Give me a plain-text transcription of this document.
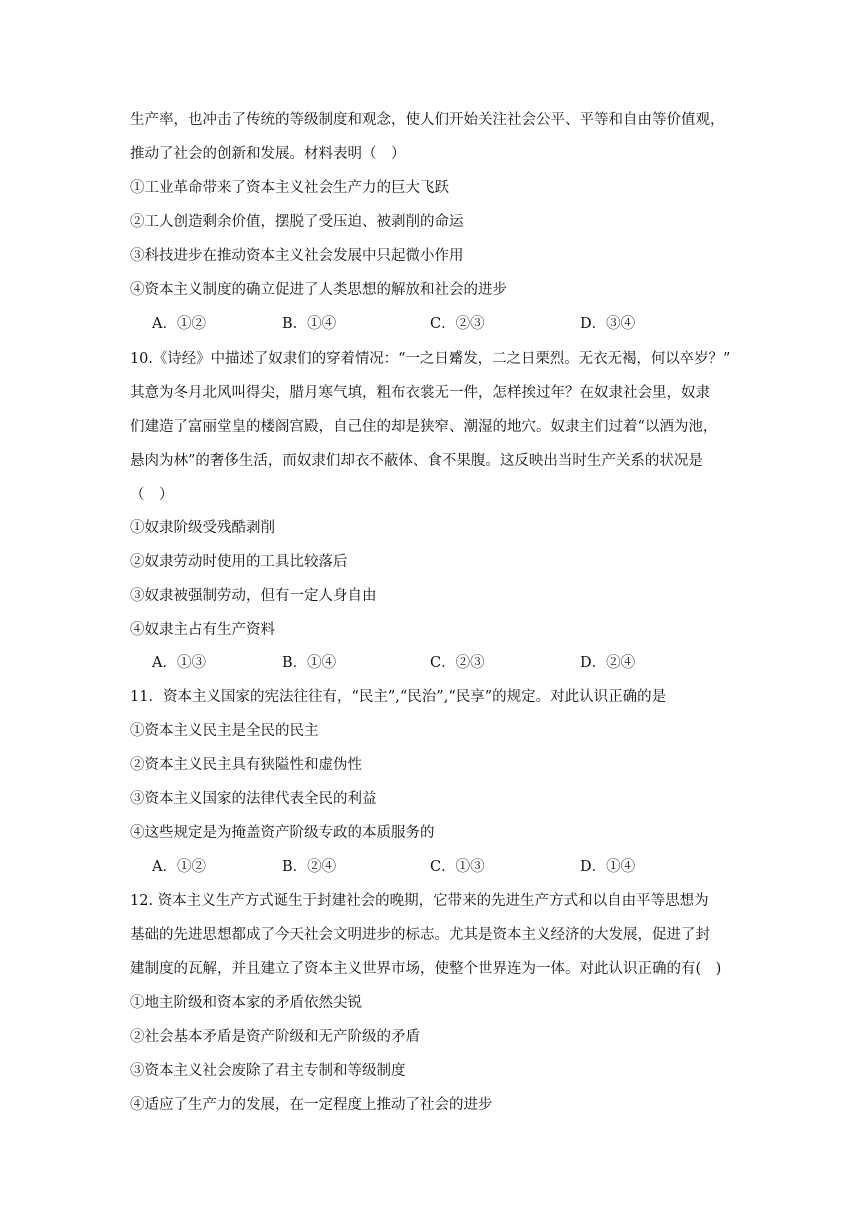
生产率，也冲击了传统的等级制度和观念，使人们开始关注社会公平、平等和自由等价值观，
推动了社会的创新和发展。材料表明（　）
①工业革命带来了资本主义社会生产力的巨大飞跃
②工人创造剩余价值，摆脱了受压迫、被剥削的命运
③科技进步在推动资本主义社会发展中只起微小作用
④资本主义制度的确立促进了人类思想的解放和社会的进步
A．①②	B．①④	C．②③	D．③④
10.《诗经》中描述了奴隶们的穿着情况：“一之日觱发，二之日栗烈。无衣无褐，何以卒岁？”
其意为冬月北风叫得尖，腊月寒气填，粗布衣裳无一件，怎样挨过年？在奴隶社会里，奴隶
们建造了富丽堂皇的楼阁宫殿，自己住的却是狭窄、潮湿的地穴。奴隶主们过着“以酒为池，
悬肉为林”的奢侈生活，而奴隶们却衣不蔽体、食不果腹。这反映出当时生产关系的状况是
（　）
①奴隶阶级受残酷剥削
②奴隶劳动时使用的工具比较落后
③奴隶被强制劳动，但有一定人身自由
④奴隶主占有生产资料
A．①③	B．①④	C．②③	D．②④
11．资本主义国家的宪法往往有，“民主”,“民治”,“民享”的规定。对此认识正确的是
①资本主义民主是全民的民主
②资本主义民主具有狭隘性和虚伪性
③资本主义国家的法律代表全民的利益
④这些规定是为掩盖资产阶级专政的本质服务的
A．①②	B．②④	C．①③	D．①④
12. 资本主义生产方式诞生于封建社会的晚期，它带来的先进生产方式和以自由平等思想为
基础的先进思想都成了今天社会文明进步的标志。尤其是资本主义经济的大发展，促进了封
建制度的瓦解，并且建立了资本主义世界市场，使整个世界连为一体。对此认识正确的有(　)
①地主阶级和资本家的矛盾依然尖锐
②社会基本矛盾是资产阶级和无产阶级的矛盾
③资本主义社会废除了君主专制和等级制度
④适应了生产力的发展，在一定程度上推动了社会的进步
